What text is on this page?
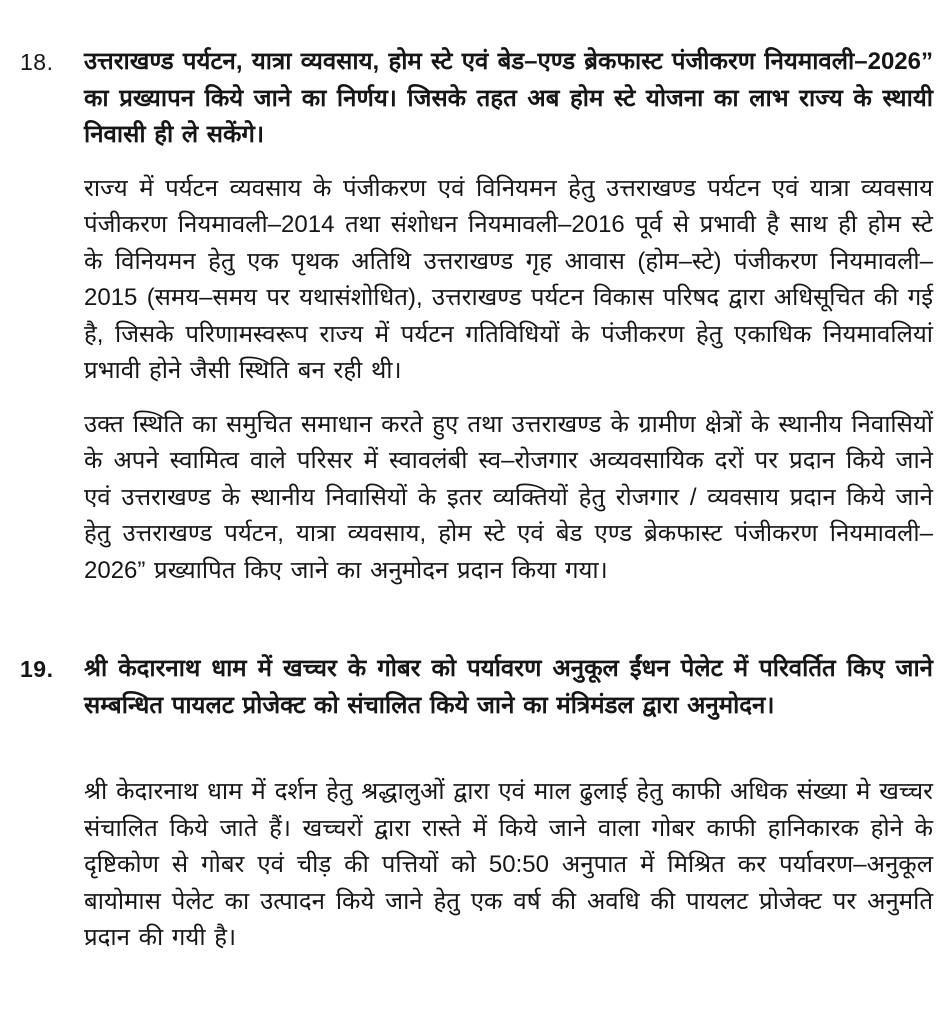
18.	उत्तराखण्ड पर्यटन, यात्रा व्यवसाय, होम स्टे एवं बेड–एण्ड ब्रेकफास्ट पंजीकरण नियमावली–2026” का प्रख्यापन किये जाने का निर्णय। जिसके तहत अब होम स्टे योजना का लाभ राज्य के स्थायी निवासी ही ले सकेंगे।

राज्य में पर्यटन व्यवसाय के पंजीकरण एवं विनियमन हेतु उत्तराखण्ड पर्यटन एवं यात्रा व्यवसाय पंजीकरण नियमावली–2014 तथा संशोधन नियमावली–2016 पूर्व से प्रभावी है साथ ही होम स्टे के विनियमन हेतु एक पृथक अतिथि उत्तराखण्ड गृह आवास (होम–स्टे) पंजीकरण नियमावली–2015 (समय–समय पर यथासंशोधित), उत्तराखण्ड पर्यटन विकास परिषद द्वारा अधिसूचित की गई है, जिसके परिणामस्वरूप राज्य में पर्यटन गतिविधियों के पंजीकरण हेतु एकाधिक नियमावलियां प्रभावी होने जैसी स्थिति बन रही थी।

उक्त स्थिति का समुचित समाधान करते हुए तथा उत्तराखण्ड के ग्रामीण क्षेत्रों के स्थानीय निवासियों के अपने स्वामित्व वाले परिसर में स्वावलंबी स्व–रोजगार अव्यवसायिक दरों पर प्रदान किये जाने एवं उत्तराखण्ड के स्थानीय निवासियों के इतर व्यक्तियों हेतु रोजगार / व्यवसाय प्रदान किये जाने हेतु उत्तराखण्ड पर्यटन, यात्रा व्यवसाय, होम स्टे एवं बेड एण्ड ब्रेकफास्ट पंजीकरण नियमावली–2026” प्रख्यापित किए जाने का अनुमोदन प्रदान किया गया।

19.	श्री केदारनाथ धाम में खच्चर के गोबर को पर्यावरण अनुकूल ईंधन पेलेट में परिवर्तित किए जाने सम्बन्धित पायलट प्रोजेक्ट को संचालित किये जाने का मंत्रिमंडल द्वारा अनुमोदन।

श्री केदारनाथ धाम में दर्शन हेतु श्रद्धालुओं द्वारा एवं माल ढुलाई हेतु काफी अधिक संख्या मे खच्चर संचालित किये जाते हैं। खच्चरों द्वारा रास्ते में किये जाने वाला गोबर काफी हानिकारक होने के दृष्टिकोण से गोबर एवं चीड़ की पत्तियों को 50:50 अनुपात में मिश्रित कर पर्यावरण–अनुकूल बायोमास पेलेट का उत्पादन किये जाने हेतु एक वर्ष की अवधि की पायलट प्रोजेक्ट पर अनुमति प्रदान की गयी है।
